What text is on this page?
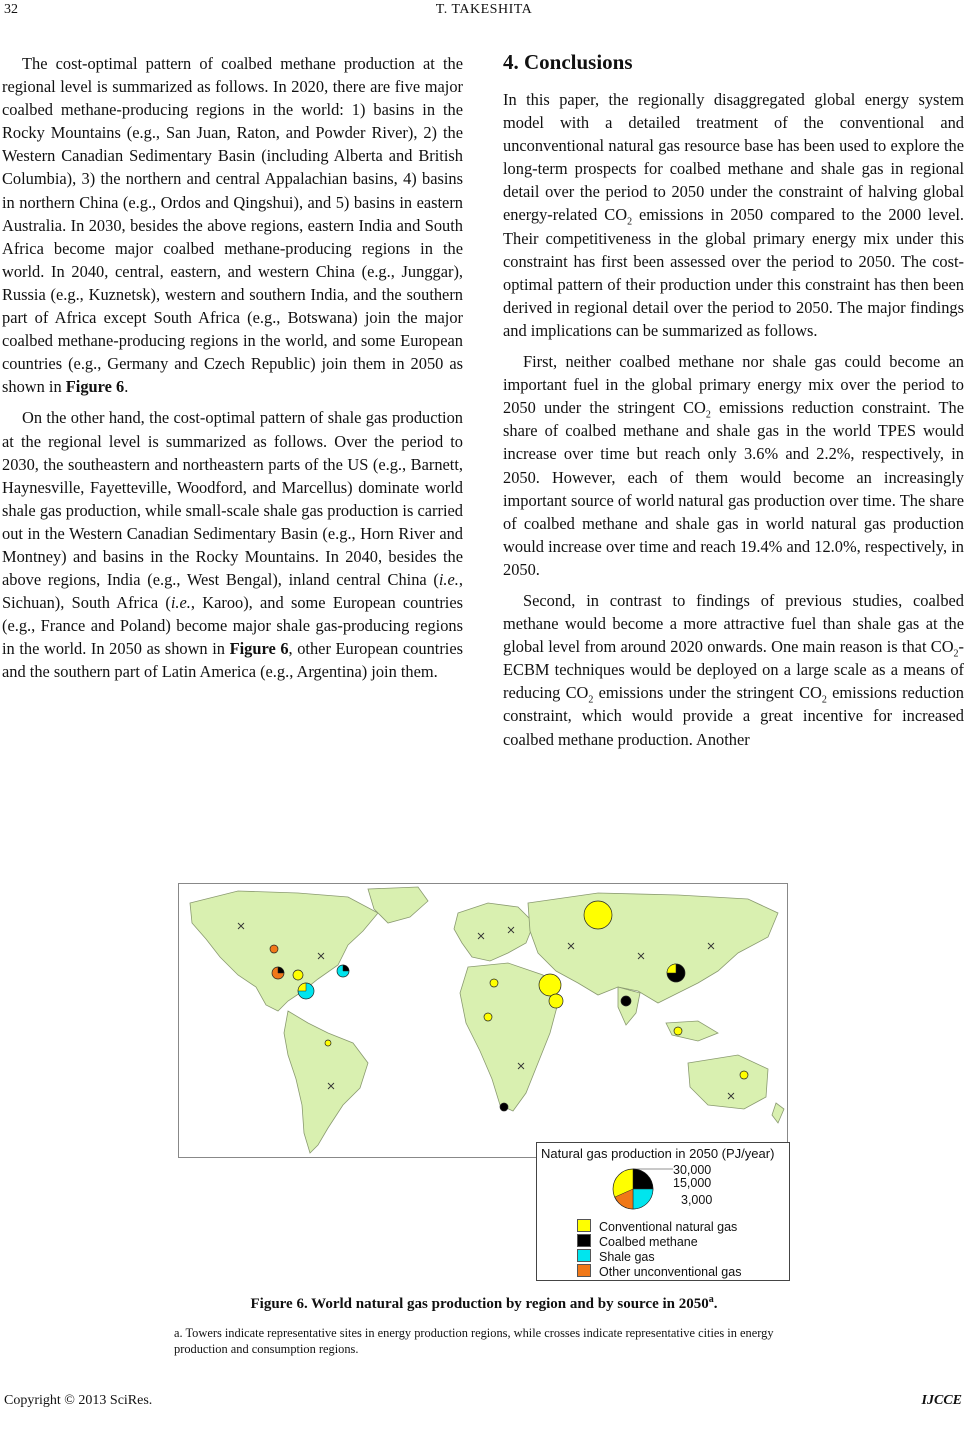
32	T. TAKESHITA

The cost-optimal pattern of coalbed methane production at the regional level is summarized as follows. In 2020, there are five major coalbed methane-producing regions in the world: 1) basins in the Rocky Mountains (e.g., San Juan, Raton, and Powder River), 2) the Western Canadian Sedimentary Basin (including Alberta and British Columbia), 3) the northern and central Appalachian basins, 4) basins in northern China (e.g., Ordos and Qingshui), and 5) basins in eastern Australia. In 2030, besides the above regions, eastern India and South Africa become major coalbed methane-producing regions in the world. In 2040, central, eastern, and western China (e.g., Junggar), Russia (e.g., Kuznetsk), western and southern India, and the southern part of Africa except South Africa (e.g., Botswana) join the major coalbed methane-producing regions in the world, and some European countries (e.g., Germany and Czech Republic) join them in 2050 as shown in Figure 6.

On the other hand, the cost-optimal pattern of shale gas production at the regional level is summarized as follows. Over the period to 2030, the southeastern and northeastern parts of the US (e.g., Barnett, Haynesville, Fayetteville, Woodford, and Marcellus) dominate world shale gas production, while small-scale shale gas production is carried out in the Western Canadian Sedimentary Basin (e.g., Horn River and Montney) and basins in the Rocky Mountains. In 2040, besides the above regions, India (e.g., West Bengal), inland central China (i.e., Sichuan), South Africa (i.e., Karoo), and some European countries (e.g., France and Poland) become major shale gas-producing regions in the world. In 2050 as shown in Figure 6, other European countries and the southern part of Latin America (e.g., Argentina) join them.

4. Conclusions

In this paper, the regionally disaggregated global energy system model with a detailed treatment of the conventional and unconventional natural gas resource base has been used to explore the long-term prospects for coalbed methane and shale gas in regional detail over the period to 2050 under the constraint of halving global energy-related $CO_2$ emissions in 2050 compared to the 2000 level. Their competitiveness in the global primary energy mix under this constraint has first been assessed over the period to 2050. The cost-optimal pattern of their production under this constraint has then been derived in regional detail over the period to 2050. The major findings and implications can be summarized as follows.

First, neither coalbed methane nor shale gas could become an important fuel in the global primary energy mix over the period to 2050 under the stringent $CO_2$ emissions reduction constraint. The share of coalbed methane and shale gas in the world TPES would increase over time but reach only 3.6% and 2.2%, respectively, in 2050. However, each of them would become an increasingly important source of world natural gas production over time. The share of coalbed methane and shale gas in world natural gas production would increase over time and reach 19.4% and 12.0%, respectively, in 2050.

Second, in contrast to findings of previous studies, coalbed methane would become a more attractive fuel than shale gas at the global level from around 2020 onwards. One main reason is that $CO_2$-ECBM techniques would be deployed on a large scale as a means of reducing $CO_2$ emissions under the stringent $CO_2$ emissions reduction constraint, which would provide a great incentive for increased coalbed methane production. Another

Natural gas production in 2050 (PJ/year)
30,000
15,000
3,000
Conventional natural gas
Coalbed methane
Shale gas
Other unconventional gas
Figure 6. World natural gas production by region and by source in 2050$^a$.
a. Towers indicate representative sites in energy production regions, while crosses indicate representative cities in energy production and consumption regions.
Copyright © 2013 SciRes.	IJCCE
